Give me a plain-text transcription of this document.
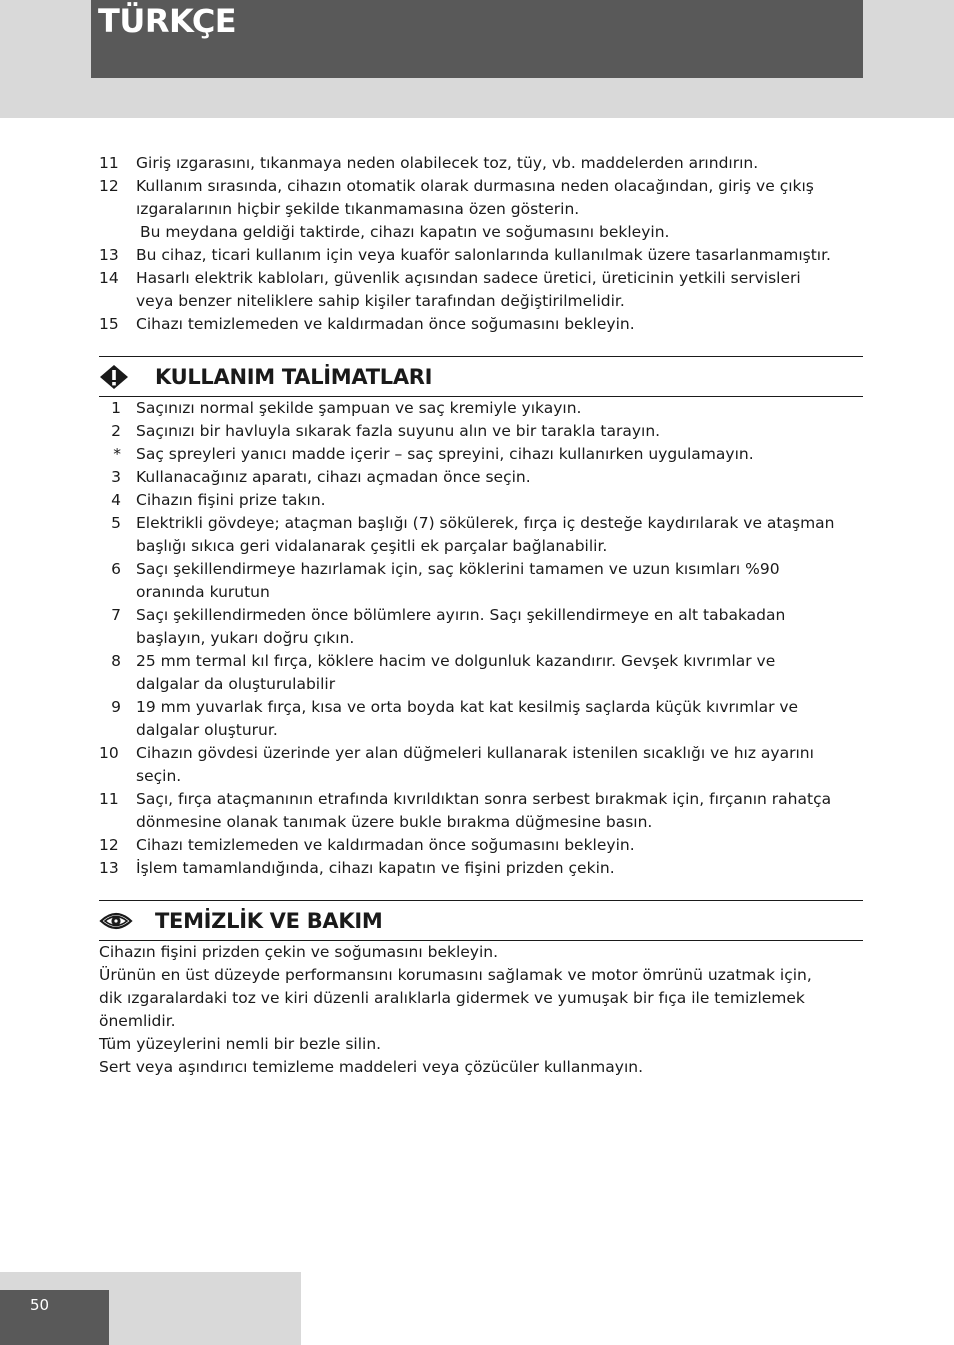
TÜRKÇE
11	Giriş ızgarasını, tıkanmaya neden olabilecek toz, tüy, vb. maddelerden arındırın.
12	Kullanım sırasında, cihazın otomatik olarak durmasına neden olacağından, giriş ve çıkış
ızgaralarının hiçbir şekilde tıkanmamasına özen gösterin.
Bu meydana geldiği taktirde, cihazı kapatın ve soğumasını bekleyin.
13	Bu cihaz, ticari kullanım için veya kuaför salonlarında kullanılmak üzere tasarlanmamıştır.
14	Hasarlı elektrik kabloları, güvenlik açısından sadece üretici, üreticinin yetkili servisleri
veya benzer niteliklere sahip kişiler tarafından değiştirilmelidir.
15	Cihazı temizlemeden ve kaldırmadan önce soğumasını bekleyin.
KULLANIM TALİMATLARI
1 Saçınızı normal şekilde şampuan ve saç kremiyle yıkayın.
2 Saçınızı bir havluyla sıkarak fazla suyunu alın ve bir tarakla tarayın.
* Saç spreyleri yanıcı madde içerir – saç spreyini, cihazı kullanırken uygulamayın.
3 Kullanacağınız aparatı, cihazı açmadan önce seçin.
4 Cihazın fişini prize takın.
5 Elektrikli gövdeye; ataçman başlığı (7) sökülerek, fırça iç desteğe kaydırılarak ve ataşman
başlığı sıkıca geri vidalanarak çeşitli ek parçalar bağlanabilir.
6 Saçı şekillendirmeye hazırlamak için, saç köklerini tamamen ve uzun kısımları %90
oranında kurutun
7 Saçı şekillendirmeden önce bölümlere ayırın. Saçı şekillendirmeye en alt tabakadan
başlayın, yukarı doğru çıkın.
8 25 mm termal kıl fırça, köklere hacim ve dolgunluk kazandırır. Gevşek kıvrımlar ve
dalgalar da oluşturulabilir
9 19 mm yuvarlak fırça, kısa ve orta boyda kat kat kesilmiş saçlarda küçük kıvrımlar ve
dalgalar oluşturur.
10	Cihazın gövdesi üzerinde yer alan düğmeleri kullanarak istenilen sıcaklığı ve hız ayarını
seçin.
11	Saçı, fırça ataçmanının etrafında kıvrıldıktan sonra serbest bırakmak için, fırçanın rahatça
dönmesine olanak tanımak üzere bukle bırakma düğmesine basın.
12	Cihazı temizlemeden ve kaldırmadan önce soğumasını bekleyin.
13	İşlem tamamlandığında, cihazı kapatın ve fişini prizden çekin.
TEMİZLİK VE BAKIM

Cihazın fişini prizden çekin ve soğumasını bekleyin.

Ürünün en üst düzeyde performansını korumasını sağlamak ve motor ömrünü uzatmak için,

dik ızgaralardaki toz ve kiri düzenli aralıklarla gidermek ve yumuşak bir fıça ile temizlemek

önemlidir.

Tüm yüzeylerini nemli bir bezle silin.

Sert veya aşındırıcı temizleme maddeleri veya çözücüler kullanmayın.

50
